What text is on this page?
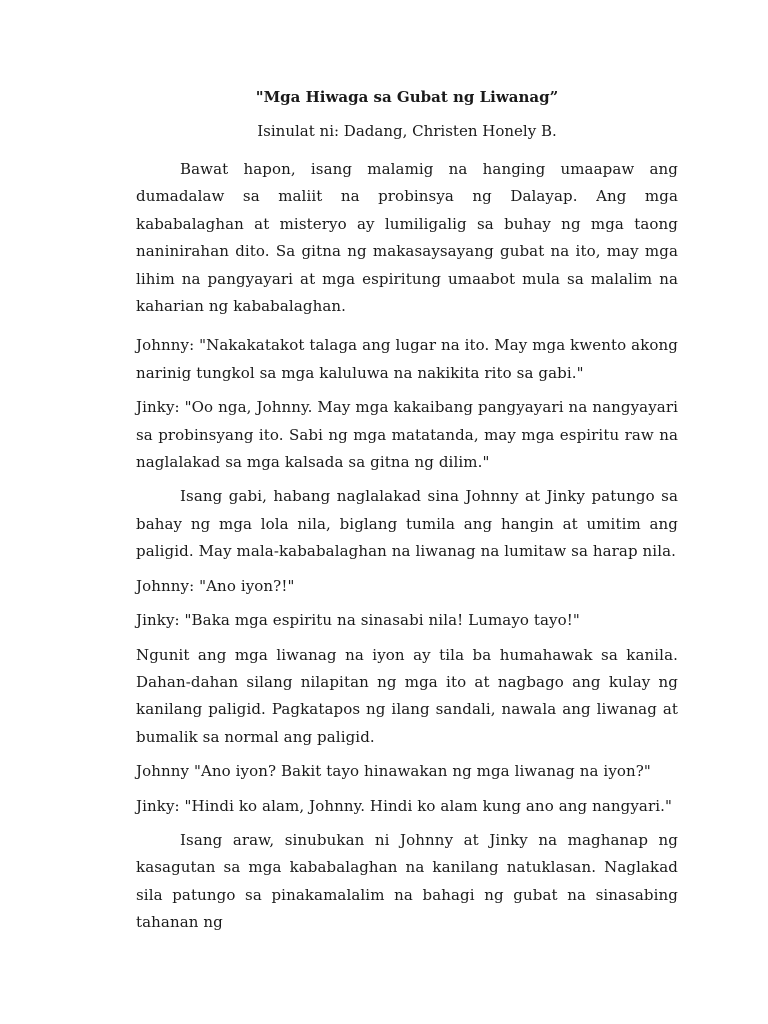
"Mga Hiwaga sa Gubat ng Liwanag”
Isinulat ni: Dadang, Christen Honely B.

Bawat hapon, isang malamig na hanging umaapaw ang dumadalaw sa maliit na probinsya ng Dalayap. Ang mga kababalaghan at misteryo ay lumiligalig sa buhay ng mga taong naninirahan dito. Sa gitna ng makasaysayang gubat na ito, may mga lihim na pangyayari at mga espiritung umaabot mula sa malalim na kaharian ng kababalaghan.

Johnny: "Nakakatakot talaga ang lugar na ito. May mga kwento akong narinig tungkol sa mga kaluluwa na nakikita rito sa gabi."

Jinky: "Oo nga, Johnny. May mga kakaibang pangyayari na nangyayari sa probinsyang ito. Sabi ng mga matatanda, may mga espiritu raw na naglalakad sa mga kalsada sa gitna ng dilim."

Isang gabi, habang naglalakad sina Johnny at Jinky patungo sa bahay ng mga lola nila, biglang tumila ang hangin at umitim ang paligid. May mala-kababalaghan na liwanag na lumitaw sa harap nila.

Johnny: "Ano iyon?!"

Jinky: "Baka mga espiritu na sinasabi nila! Lumayo tayo!"

Ngunit ang mga liwanag na iyon ay tila ba humahawak sa kanila. Dahan-dahan silang nilapitan ng mga ito at nagbago ang kulay ng kanilang paligid. Pagkatapos ng ilang sandali, nawala ang liwanag at bumalik sa normal ang paligid.

Johnny "Ano iyon? Bakit tayo hinawakan ng mga liwanag na iyon?"

Jinky: "Hindi ko alam, Johnny. Hindi ko alam kung ano ang nangyari."

Isang araw, sinubukan ni Johnny at Jinky na maghanap ng kasagutan sa mga kababalaghan na kanilang natuklasan. Naglakad sila patungo sa pinakamalalim na bahagi ng gubat na sinasabing tahanan ng
